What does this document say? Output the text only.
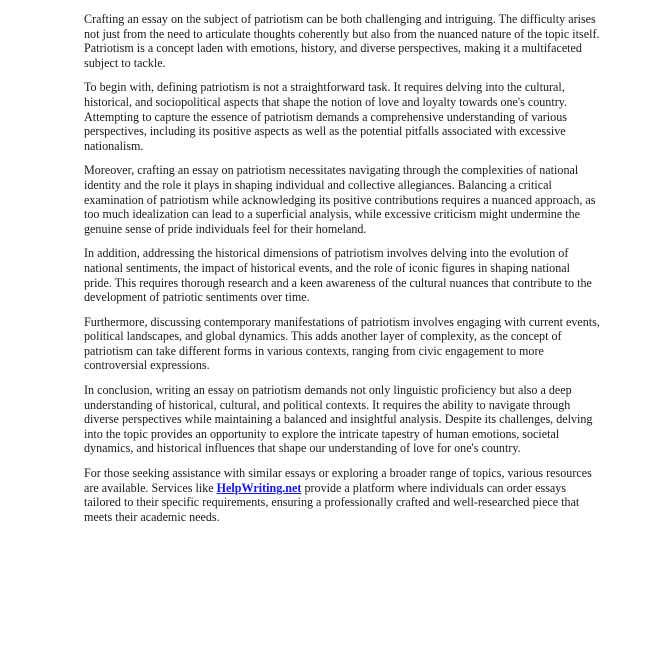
Crafting an essay on the subject of patriotism can be both challenging and intriguing. The difficulty arises not just from the need to articulate thoughts coherently but also from the nuanced nature of the topic itself. Patriotism is a concept laden with emotions, history, and diverse perspectives, making it a multifaceted subject to tackle.

To begin with, defining patriotism is not a straightforward task. It requires delving into the cultural, historical, and sociopolitical aspects that shape the notion of love and loyalty towards one's country. Attempting to capture the essence of patriotism demands a comprehensive understanding of various perspectives, including its positive aspects as well as the potential pitfalls associated with excessive nationalism.

Moreover, crafting an essay on patriotism necessitates navigating through the complexities of national identity and the role it plays in shaping individual and collective allegiances. Balancing a critical examination of patriotism while acknowledging its positive contributions requires a nuanced approach, as too much idealization can lead to a superficial analysis, while excessive criticism might undermine the genuine sense of pride individuals feel for their homeland.

In addition, addressing the historical dimensions of patriotism involves delving into the evolution of national sentiments, the impact of historical events, and the role of iconic figures in shaping national pride. This requires thorough research and a keen awareness of the cultural nuances that contribute to the development of patriotic sentiments over time.

Furthermore, discussing contemporary manifestations of patriotism involves engaging with current events, political landscapes, and global dynamics. This adds another layer of complexity, as the concept of patriotism can take different forms in various contexts, ranging from civic engagement to more controversial expressions.

In conclusion, writing an essay on patriotism demands not only linguistic proficiency but also a deep understanding of historical, cultural, and political contexts. It requires the ability to navigate through diverse perspectives while maintaining a balanced and insightful analysis. Despite its challenges, delving into the topic provides an opportunity to explore the intricate tapestry of human emotions, societal dynamics, and historical influences that shape our understanding of love for one's country.

For those seeking assistance with similar essays or exploring a broader range of topics, various resources are available. Services like HelpWriting.net provide a platform where individuals can order essays tailored to their specific requirements, ensuring a professionally crafted and well-researched piece that meets their academic needs.
